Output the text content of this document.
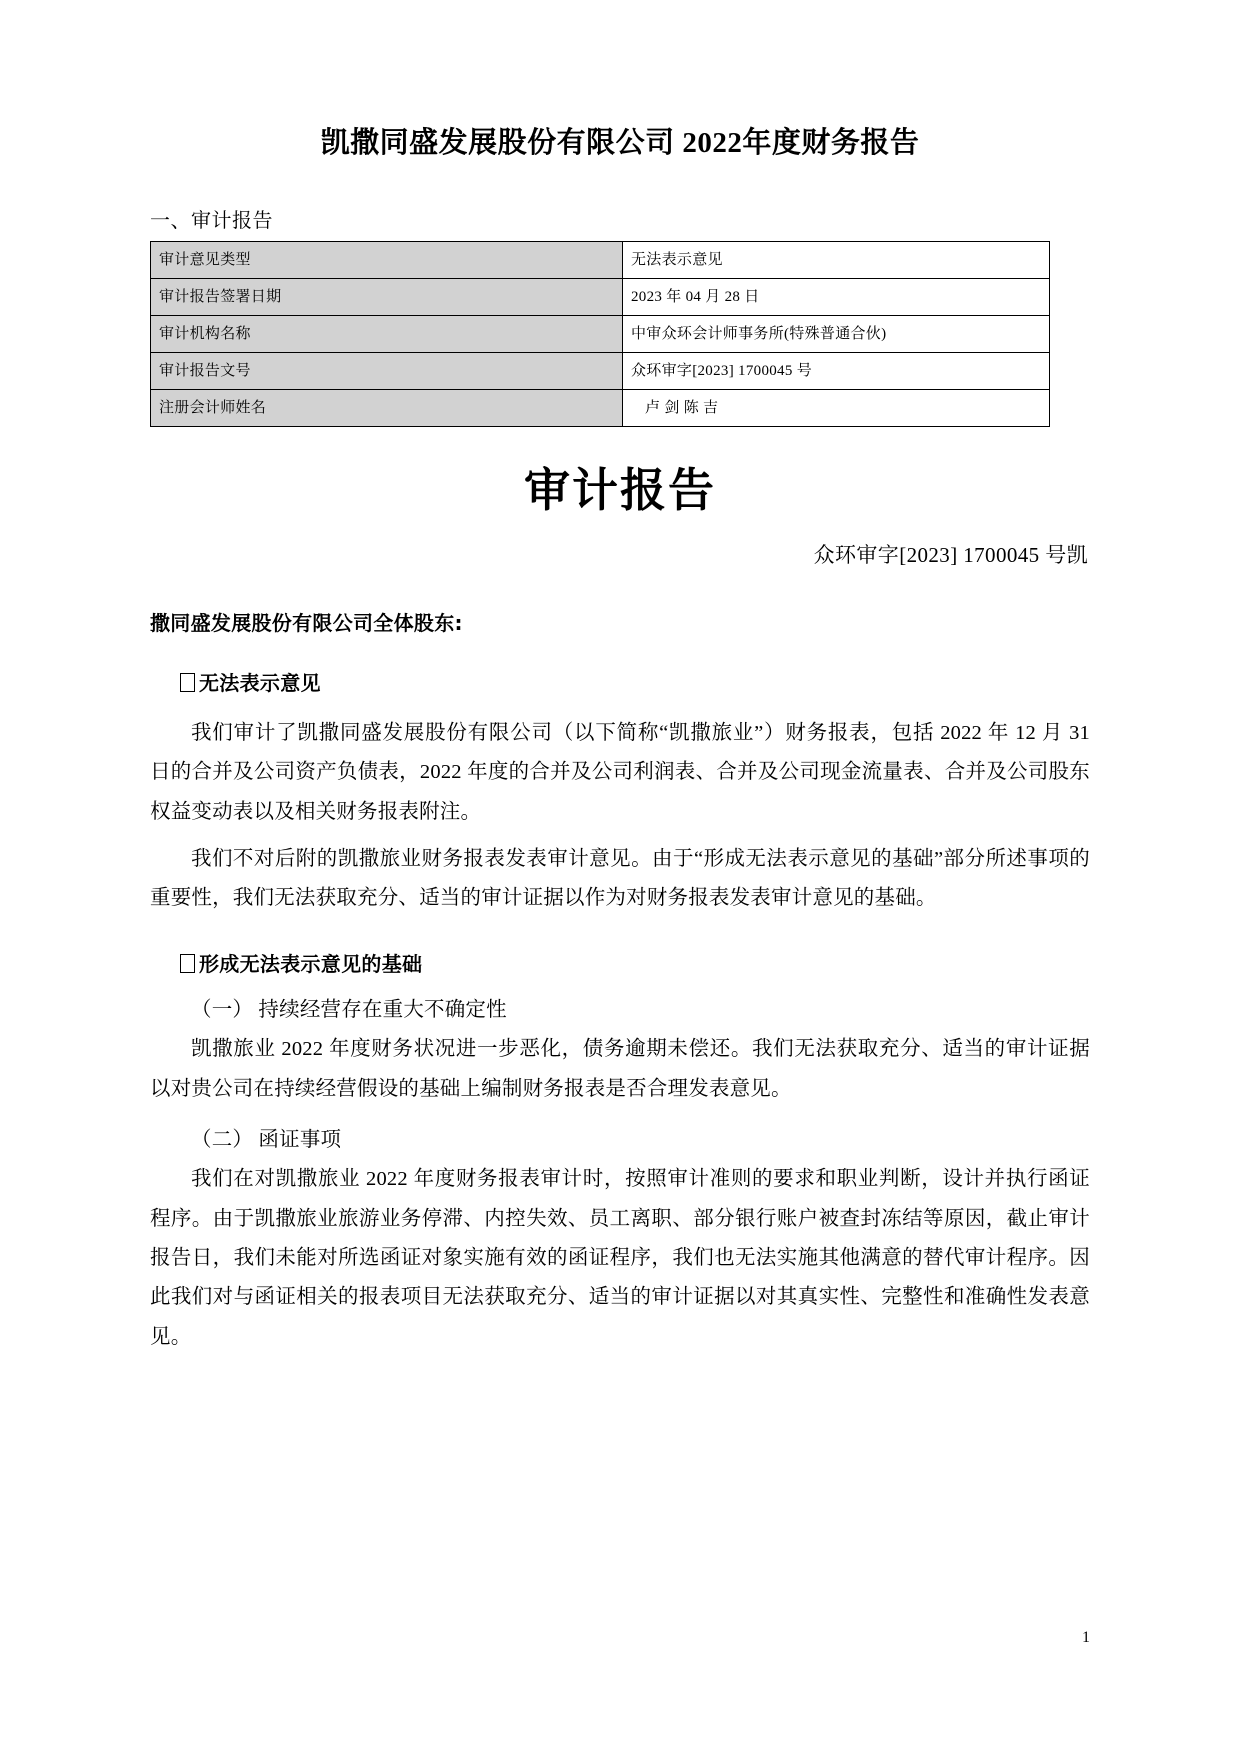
凯撒同盛发展股份有限公司 2022年度财务报告
一、审计报告
审计意见类型	无法表示意见
审计报告签署日期	2023 年 04 月 28 日
审计机构名称	中审众环会计师事务所(特殊普通合伙)
审计报告文号	众环审字[2023] 1700045 号
注册会计师姓名	卢 剑 陈 吉
审计报告
众环审字[2023] 1700045 号凯
撒同盛发展股份有限公司全体股东:
无法表示意见

我们审计了凯撒同盛发展股份有限公司（以下简称“凯撒旅业”）财务报表，包括 2022 年 12 月 31 日的合并及公司资产负债表，2022 年度的合并及公司利润表、合并及公司现金流量表、合并及公司股东权益变动表以及相关财务报表附注。

我们不对后附的凯撒旅业财务报表发表审计意见。由于“形成无法表示意见的基础”部分所述事项的重要性，我们无法获取充分、适当的审计证据以作为对财务报表发表审计意见的基础。

形成无法表示意见的基础
（一） 持续经营存在重大不确定性

凯撒旅业 2022 年度财务状况进一步恶化，债务逾期未偿还。我们无法获取充分、适当的审计证据以对贵公司在持续经营假设的基础上编制财务报表是否合理发表意见。

（二） 函证事项

我们在对凯撒旅业 2022 年度财务报表审计时，按照审计准则的要求和职业判断，设计并执行函证程序。由于凯撒旅业旅游业务停滞、内控失效、员工离职、部分银行账户被查封冻结等原因，截止审计报告日，我们未能对所选函证对象实施有效的函证程序，我们也无法实施其他满意的替代审计程序。因此我们对与函证相关的报表项目无法获取充分、适当的审计证据以对其真实性、完整性和准确性发表意见。

1
